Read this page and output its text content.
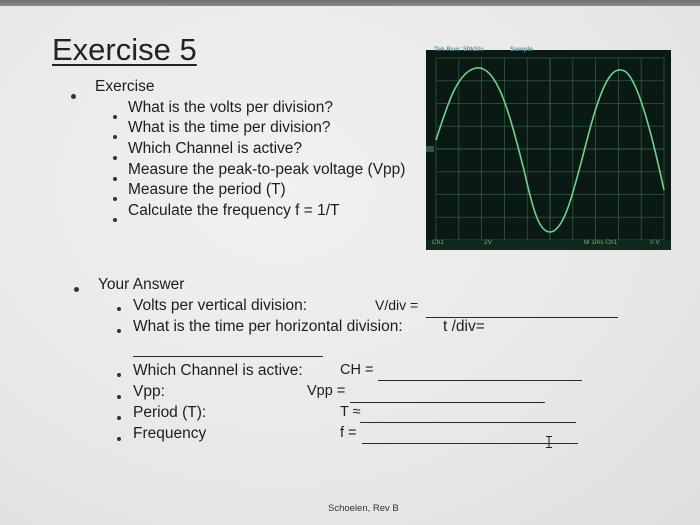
Exercise 5
Exercise
What is the volts per division?
What is the time per division?
Which Channel is active?
Measure the peak-to-peak voltage (Vpp)
Measure the period (T)
Calculate the frequency f = 1/T
Tek Run: 50kS/s	Sample
Ch1	2V	M 1ms Ch1	0 V
Your Answer
Volts per vertical division:	V/div =
What is the time per horizontal division:	t /div=
Which Channel is active:	CH =
Vpp:	Vpp =
Period (T):	T ≈
Frequency	f =
Schoelen, Rev B
